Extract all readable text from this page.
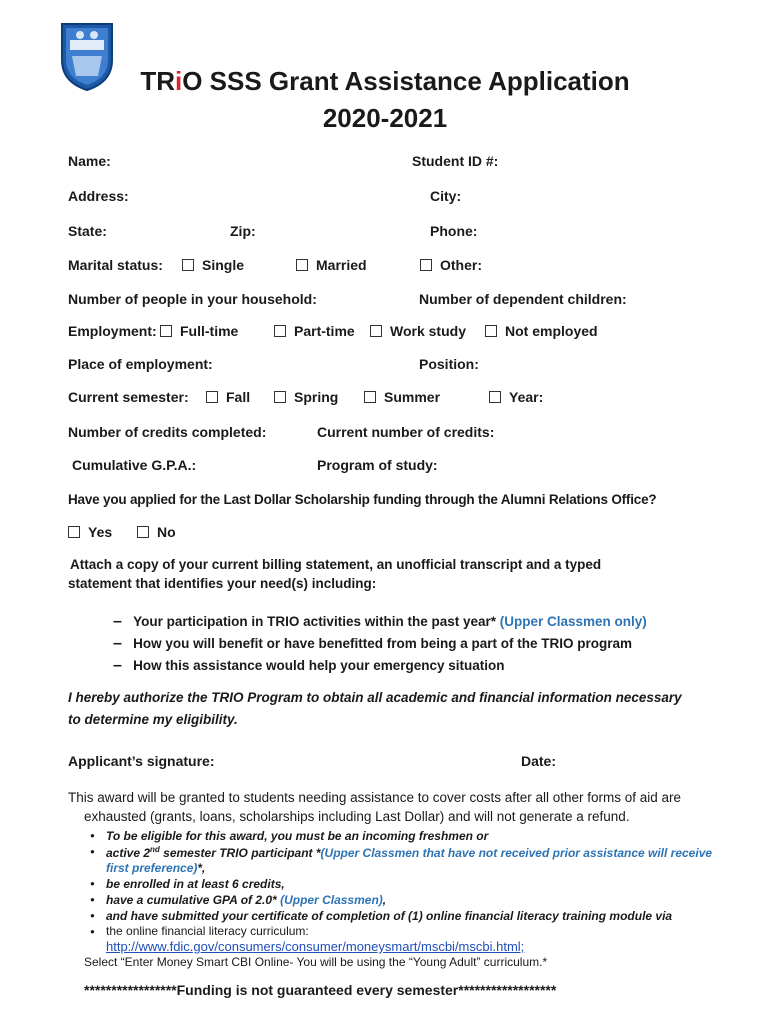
TRiO SSS Grant Assistance Application
2020-2021
Name:	Student ID #:
Address:	City:
State:	Zip:	Phone:
Marital status:	Single	Married	Other:
Number of people in your household:	Number of dependent children:
Employment:	Full-time	Part-time	Work study	Not employed
Place of employment:	Position:
Current semester:	Fall	Spring	Summer	Year:
Number of credits completed:	Current number of credits:
Cumulative G.P.A.:	Program of study:
Have you applied for the Last Dollar Scholarship funding through the Alumni Relations Office?
Yes	No
Attach a copy of your current billing statement, an unofficial transcript and a typed
statement that identifies your need(s) including:
– Your participation in TRIO activities within the past year* (Upper Classmen only)
– How you will benefit or have benefitted from being a part of the TRIO program
– How this assistance would help your emergency situation
I hereby authorize the TRIO Program to obtain all academic and financial information necessary
to determine my eligibility.
Applicant’s signature:	Date:
This award will be granted to students needing assistance to cover costs after all other forms of aid are
exhausted (grants, loans, scholarships including Last Dollar) and will not generate a refund.
● To be eligible for this award, you must be an incoming freshmen or
● active 2nd semester TRIO participant *(Upper Classmen that have not received prior assistance will receive
first preference)*,
● be enrolled in at least 6 credits,
● have a cumulative GPA of 2.0* (Upper Classmen),
● and have submitted your certificate of completion of (1) online financial literacy training module via
● the online financial literacy curriculum:
http://www.fdic.gov/consumers/consumer/moneysmart/mscbi/mscbi.html;
Select “Enter Money Smart CBI Online- You will be using the “Young Adult” curriculum.*
*****************Funding is not guaranteed every semester******************
